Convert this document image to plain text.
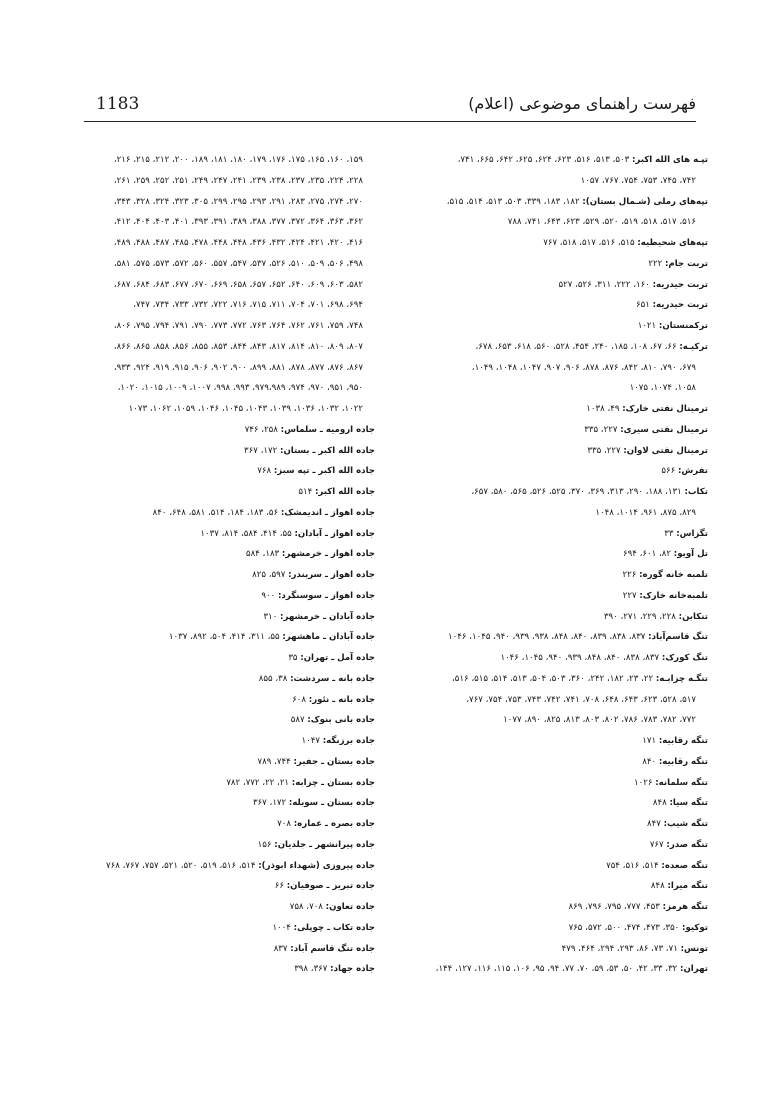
1183	فهرست راهنمای موضوعی (اعلام)
تپـه های الله اکبر: ۵۰۳، ۵۱۳، ۵۱۶، ۶۲۳، ۶۲۴، ۶۲۵، ۶۴۲، ۶۶۵، ۷۴۱،
۷۴۲، ۷۴۵، ۷۵۳، ۷۵۴، ۷۶۷، ۱۰۵۷
تپه‌های رملی (شـمال بستان): ۱۸۲، ۱۸۳، ۳۳۹، ۵۰۳، ۵۱۳، ۵۱۴، ۵۱۵،
۵۱۶، ۵۱۷، ۵۱۸، ۵۱۹، ۵۲۰، ۵۲۹، ۶۲۳، ۶۴۳، ۷۴۱، ۷۸۸
تپه‌های شحیطیه: ۵۱۵، ۵۱۶، ۵۱۷، ۵۱۸، ۷۶۷
تربت جام: ۲۲۲
تربت حیدریه: ۱۶۰، ۲۲۲، ۳۱۱، ۵۲۶، ۵۲۷
تربت حیدریه: ۶۵۱
ترکمنستان: ۱۰۲۱
ترکیـه: ۶۶، ۶۷، ۱۰۸، ۱۸۵، ۲۴۰، ۴۵۴، ۵۲۸، ۵۶۰، ۶۱۸، ۶۵۳، ۶۷۸،
۶۷۹، ۷۹۰، ۸۱۰، ۸۴۲، ۸۷۶، ۸۷۸، ۹۰۶، ۹۰۷، ۱۰۴۷، ۱۰۴۸، ۱۰۴۹،
۱۰۵۸، ۱۰۷۴، ۱۰۷۵
ترمینال نفتی خارک: ۴۹، ۱۰۳۸
ترمینال نفتی سیری: ۲۲۷، ۳۳۵
ترمینال نفتی لاوان: ۲۲۷، ۳۳۵
تفرش: ۵۶۶
تکاب: ۱۳۱، ۱۸۸، ۲۹۰، ۳۱۳، ۳۶۹، ۳۷۰، ۵۲۵، ۵۲۶، ۵۶۵، ۵۸۰، ۶۵۷،
۸۲۹، ۸۷۵، ۹۶۱، ۱۰۱۴، ۱۰۴۸
تگزاس: ۳۳
تل آویو: ۸۲، ۶۰۱، ۶۹۴
تلمبه خانه گوره: ۲۲۶
تلمبه‌خانه خارک: ۲۲۷
تنکابن: ۲۲۸، ۲۲۹، ۲۷۱، ۳۹۰
تنگ قاسم‌آباد: ۸۳۷، ۸۳۸، ۸۳۹، ۸۴۰، ۸۴۸، ۹۳۸، ۹۳۹، ۹۴۰، ۱۰۴۵، ۱۰۴۶
تنگ کورک: ۸۳۷، ۸۳۸، ۸۴۰، ۸۴۸، ۹۳۹، ۹۴۰، ۱۰۴۵، ۱۰۴۶
تنگـه چزابـه: ۲۲، ۲۳، ۱۸۲، ۲۴۲، ۳۶۰، ۵۰۳، ۵۰۴، ۵۱۳، ۵۱۴، ۵۱۵، ۵۱۶،
۵۱۷، ۵۲۸، ۶۲۳، ۶۴۳، ۶۴۸، ۷۰۸، ۷۴۱، ۷۴۲، ۷۴۳، ۷۵۳، ۷۵۴، ۷۶۷،
۷۷۲، ۷۸۲، ۷۸۳، ۷۸۶، ۸۰۲، ۸۰۳، ۸۱۳، ۸۲۵، ۸۹۰، ۱۰۷۷
تنگه رقابیه: ۱۷۱
تنگه رقابیه: ۸۴۰
تنگه سلمانه: ۱۰۲۶
تنگه سیا: ۸۴۸
تنگه شیب: ۸۴۷
تنگه صدر: ۷۶۷
تنگه صعده: ۵۱۴، ۵۱۶، ۷۵۴
تنگه میرا: ۸۴۸
تنگه هرمز: ۴۵۳، ۷۷۷، ۷۹۵، ۷۹۶، ۸۶۹
توکیو: ۳۵۰، ۴۷۳، ۴۷۴، ۵۰۰، ۵۷۲، ۷۶۵
تونس: ۷۱، ۷۳، ۸۶، ۲۹۳، ۲۹۴، ۴۶۴، ۴۷۹
تهران: ۳۲، ۳۳، ۴۲، ۵۰، ۵۳، ۵۹، ۷۰، ۷۷، ۹۴، ۹۵، ۱۰۶، ۱۱۵، ۱۱۶، ۱۲۷، ۱۴۴،
۱۵۹، ۱۶۰، ۱۶۵، ۱۷۵، ۱۷۶، ۱۷۹، ۱۸۰، ۱۸۱، ۱۸۹، ۲۰۰، ۲۱۲، ۲۱۵، ۲۱۶،
۲۲۸، ۲۲۴، ۲۳۵، ۲۳۷، ۲۳۸، ۲۳۹، ۲۴۱، ۲۴۷، ۲۴۹، ۲۵۱، ۲۵۲، ۲۵۹، ۲۶۱،
۲۷۰، ۲۷۴، ۲۷۵، ۲۸۳، ۲۹۱، ۲۹۳، ۲۹۵، ۲۹۹، ۳۰۵، ۳۲۳، ۳۲۴، ۳۲۸، ۳۴۳،
۳۶۲، ۳۶۳، ۳۶۴، ۳۷۲، ۳۷۷، ۳۸۸، ۳۸۹، ۳۹۱، ۳۹۳، ۴۰۱، ۴۰۳، ۴۰۴، ۴۱۲،
۴۱۶، ۴۲۰، ۴۲۱، ۴۲۴، ۴۳۲، ۴۳۶، ۴۴۸، ۴۴۸، ۴۷۸، ۴۸۵، ۴۸۷، ۴۸۸، ۴۸۹،
۴۹۸، ۵۰۶، ۵۰۹، ۵۱۰، ۵۲۶، ۵۳۷، ۵۴۷، ۵۵۷، ۵۶۰، ۵۷۲، ۵۷۳، ۵۷۵، ۵۸۱،
۵۸۲، ۶۰۳، ۶۰۹، ۶۴۰، ۶۵۲، ۶۵۷، ۶۵۸، ۶۶۹، ۶۷۰، ۶۷۷، ۶۸۳، ۶۸۴، ۶۸۷،
۶۹۴، ۶۹۸، ۷۰۱، ۷۰۴، ۷۱۱، ۷۱۵، ۷۱۶، ۷۲۲، ۷۳۲، ۷۳۳، ۷۳۴، ۷۴۷،
۷۴۸، ۷۵۹، ۷۶۱، ۷۶۲، ۷۶۴، ۷۶۳، ۷۷۲، ۷۷۳، ۷۹۰، ۷۹۱، ۷۹۴، ۷۹۵، ۸۰۶،
۸۰۷، ۸۰۹، ۸۱۰، ۸۱۴، ۸۱۷، ۸۴۳، ۸۴۴، ۸۵۳، ۸۵۵، ۸۵۶، ۸۵۸، ۸۶۵، ۸۶۶،
۸۶۷، ۸۷۶، ۸۷۷، ۸۷۸، ۸۸۱، ۸۹۹، ۹۰۰، ۹۰۲، ۹۰۶، ۹۱۵، ۹۱۹، ۹۲۴، ۹۳۳،
۹۵۰، ۹۵۱، ۹۷۰، ۹۷۴، ۹۷۹،۹۸۹، ۹۹۳، ۹۹۸، ۱۰۰۷، ۱۰۰۹، ۱۰۱۵، ۱۰۲۰،
۱۰۲۲، ۱۰۳۲، ۱۰۳۶، ۱۰۳۹، ۱۰۴۳، ۱۰۴۵، ۱۰۴۶، ۱۰۵۹، ۱۰۶۲، ۱۰۷۳
جاده ارومیه ـ سلماس: ۲۵۸، ۷۴۶
جاده الله اکبر ـ بستان: ۱۷۲، ۳۶۷
جاده الله اکبر ـ تپه سبز: ۷۶۸
جاده الله اکبر: ۵۱۴
جاده اهواز ـ اندیمشک: ۵۶، ۱۸۳، ۱۸۴، ۵۱۴، ۵۸۱، ۶۴۸، ۸۴۰
جاده اهواز ـ آبادان: ۵۵، ۴۱۴، ۵۸۴، ۸۱۴، ۱۰۳۷
جاده اهواز ـ خرمشهر: ۱۸۳، ۵۸۴
جاده اهواز ـ سربندر: ۵۹۷، ۸۲۵
جاده اهواز ـ سوسنگرد: ۹۰۰
جاده آبادان ـ خرمشهر: ۳۱۰
جاده آبادان ـ ماهشهر: ۵۵، ۳۱۱، ۴۱۴، ۵۰۴، ۸۹۲، ۱۰۳۷
جاده آمل ـ تهران: ۳۵
جاده بانه ـ سردشت: ۳۸، ۸۵۵
جاده بانه ـ نئور: ۶۰۸
جاده بانی بنوک: ۵۸۷
جاده برزنگه: ۱۰۴۷
جاده بستان ـ جفیر: ۷۴۴، ۷۸۹
جاده بستان ـ چزابه: ۲۱، ۲۲، ۷۷۲، ۷۸۲
جاده بستان ـ سوبله: ۱۷۲، ۳۶۷
جاده بصره ـ عماره: ۷۰۸
جاده پیرانشهر ـ جلدیان: ۱۵۶
جاده پیروزی (شهداء ابوذر): ۵۱۴، ۵۱۶، ۵۱۹، ۵۲۰، ۵۲۱، ۷۵۷، ۷۶۷، ۷۶۸
جاده تبریز ـ صوفیان: ۶۶
جاده تعاون: ۷۰۸، ۷۵۸
جاده تکاب ـ چوپلی: ۱۰۰۴
جاده تنگ قاسم آباد: ۸۳۷
جاده جهاد: ۳۶۷، ۳۹۸
